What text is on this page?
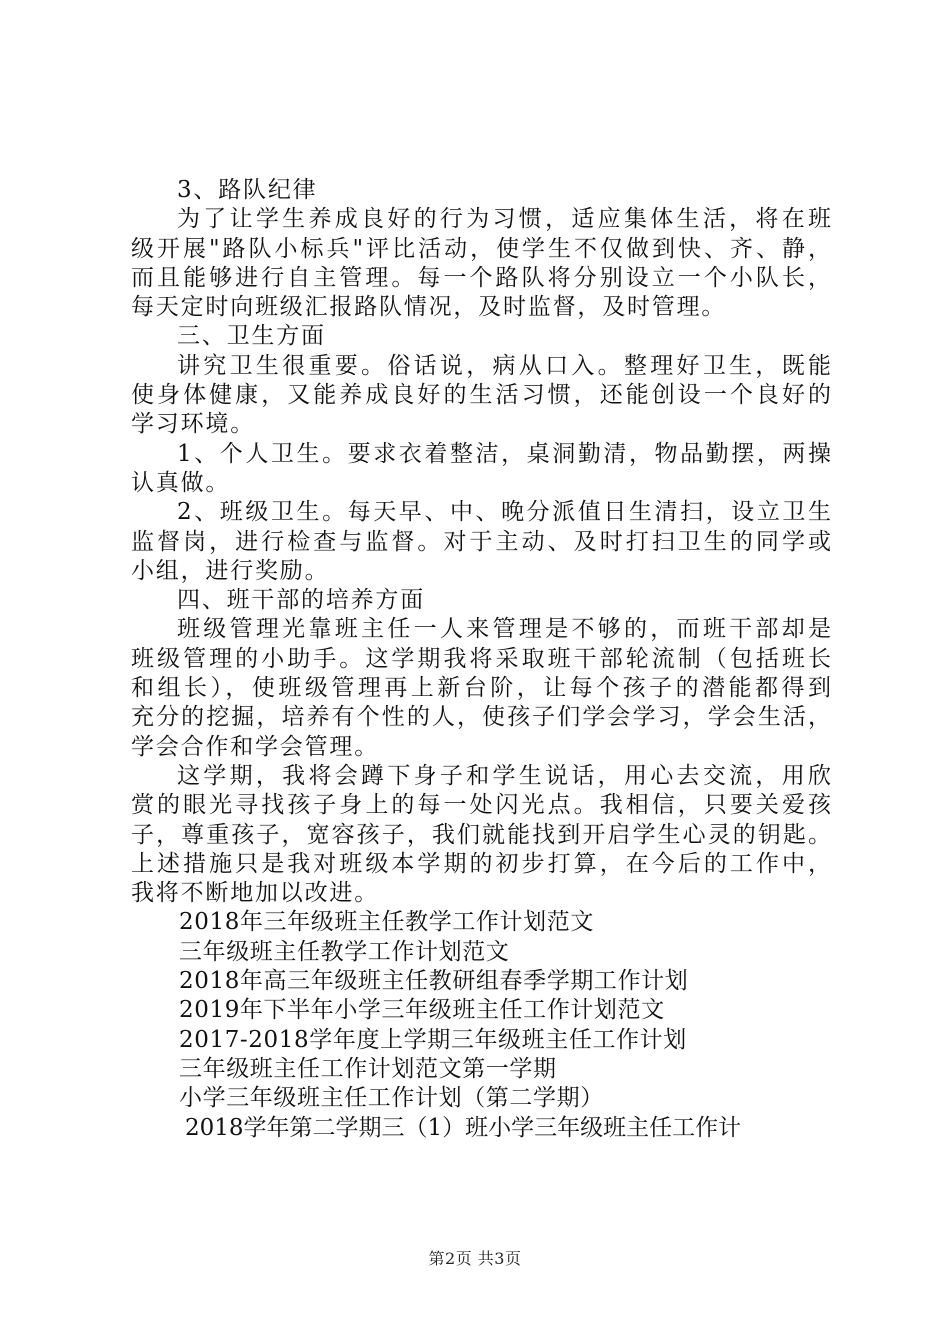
3、路队纪律
为了让学生养成良好的行为习惯，适应集体生活，将在班
级开展"路队小标兵"评比活动，使学生不仅做到快、齐、静，
而且能够进行自主管理。每一个路队将分别设立一个小队长，
每天定时向班级汇报路队情况，及时监督，及时管理。
三、卫生方面
讲究卫生很重要。俗话说，病从口入。整理好卫生，既能
使身体健康，又能养成良好的生活习惯，还能创设一个良好的
学习环境。
1、个人卫生。要求衣着整洁，桌洞勤清，物品勤摆，两操
认真做。
2、班级卫生。每天早、中、晚分派值日生清扫，设立卫生
监督岗，进行检查与监督。对于主动、及时打扫卫生的同学或
小组，进行奖励。
四、班干部的培养方面
班级管理光靠班主任一人来管理是不够的，而班干部却是
班级管理的小助手。这学期我将采取班干部轮流制（包括班长
和组长），使班级管理再上新台阶，让每个孩子的潜能都得到
充分的挖掘，培养有个性的人，使孩子们学会学习，学会生活，
学会合作和学会管理。
这学期，我将会蹲下身子和学生说话，用心去交流，用欣
赏的眼光寻找孩子身上的每一处闪光点。我相信，只要关爱孩
子，尊重孩子，宽容孩子，我们就能找到开启学生心灵的钥匙。
上述措施只是我对班级本学期的初步打算，在今后的工作中，
我将不断地加以改进。
2018年三年级班主任教学工作计划范文
三年级班主任教学工作计划范文
2018年高三年级班主任教研组春季学期工作计划
2019年下半年小学三年级班主任工作计划范文
2017-2018学年度上学期三年级班主任工作计划
三年级班主任工作计划范文第一学期
小学三年级班主任工作计划（第二学期）
2018学年第二学期三（1）班小学三年级班主任工作计
第2页 共3页
